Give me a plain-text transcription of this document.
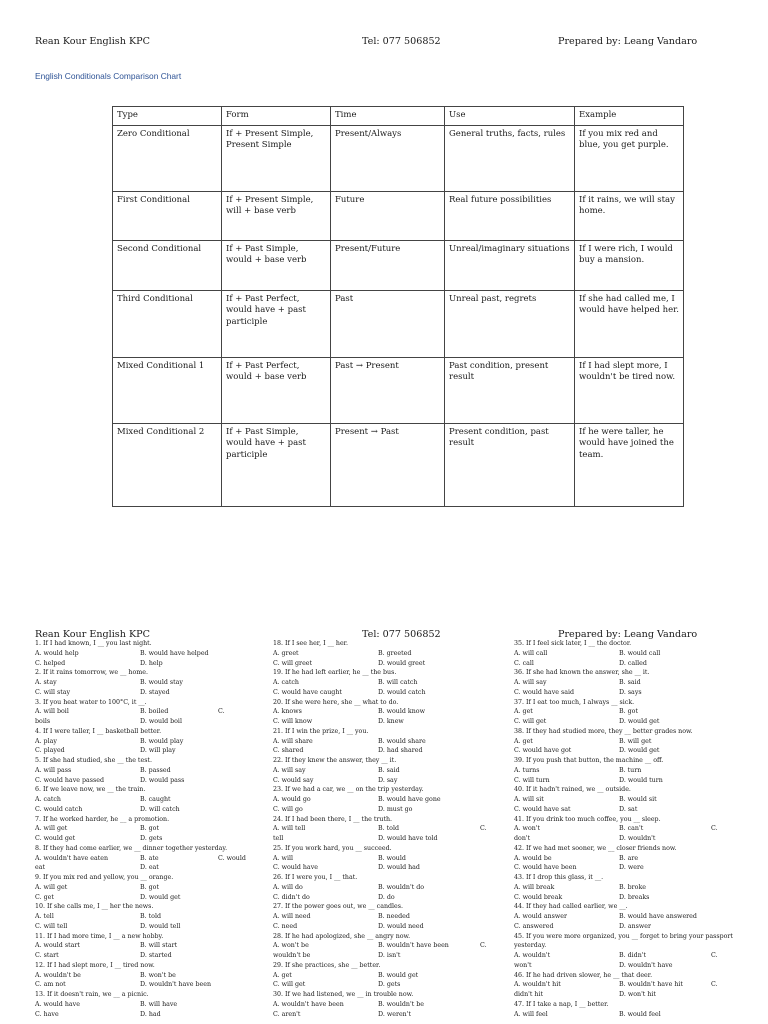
Rean Kour English KPC	Tel: 077 506852	Prepared by: Leang Vandaro
English Conditionals Comparison Chart
Type	Form	Time	Use	Example
Zero Conditional	If + Present Simple, Present Simple	Present/Always	General truths, facts, rules	If you mix red and blue, you get purple.
First Conditional	If + Present Simple, will + base verb	Future	Real future possibilities	If it rains, we will stay home.
Second Conditional	If + Past Simple, would + base verb	Present/Future	Unreal/imaginary situations	If I were rich, I would buy a mansion.
Third Conditional	If + Past Perfect, would have + past participle	Past	Unreal past, regrets	If she had called me, I would have helped her.
Mixed Conditional 1	If + Past Perfect, would + base verb	Past → Present	Past condition, present result	If I had slept more, I wouldn't be tired now.
Mixed Conditional 2	If + Past Simple, would have + past participle	Present → Past	Present condition, past result	If he were taller, he would have joined the team.
Rean Kour English KPC	Tel: 077 506852	Prepared by: Leang Vandaro
1. If I had known, I __ you last night.
A. would help	B. would have helped
C. helped	D. help
2. If it rains tomorrow, we __ home.
A. stay	B. would stay
C. will stay	D. stayed
3. If you heat water to 100°C, it __.
A. will boil	B. boiled	C.
boils	D. would boil
4. If I were taller, I __ basketball better.
A. play	B. would play
C. played	D. will play
5. If she had studied, she __ the test.
A. will pass	B. passed
C. would have passed	D. would pass
6. If we leave now, we __ the train.
A. catch	B. caught
C. would catch	D. will catch
7. If he worked harder, he __ a promotion.
A. will get	B. got
C. would get	D. gets
8. If they had come earlier, we __ dinner together yesterday.
A. wouldn't have eaten	B. ate	C. would
eat	D. eat
9. If you mix red and yellow, you __ orange.
A. will get	B. got
C. get	D. would get
10. If she calls me, I __ her the news.
A. tell	B. told
C. will tell	D. would tell
11. If I had more time, I __ a new hobby.
A. would start	B. will start
C. start	D. started
12. If I had slept more, I __ tired now.
A. wouldn't be	B. won't be
C. am not	D. wouldn't have been
13. If it doesn't rain, we __ a picnic.
A. would have	B. will have
C. have	D. had
18. If I see her, I __ her.
A. greet	B. greeted
C. will greet	D. would greet
19. If he had left earlier, he __ the bus.
A. catch	B. will catch
C. would have caught	D. would catch
20. If she were here, she __ what to do.
A. knows	B. would know
C. will know	D. knew
21. If I win the prize, I __ you.
A. will share	B. would share
C. shared	D. had shared
22. If they knew the answer, they __ it.
A. will say	B. said
C. would say	D. say
23. If we had a car, we __ on the trip yesterday.
A. would go	B. would have gone
C. will go	D. must go
24. If I had been there, I __ the truth.
A. will tell	B. told	C.
tell	D. would have told
25. If you work hard, you __ succeed.
A. will	B. would
C. would have	D. would had
26. If I were you, I __ that.
A. will do	B. wouldn't do
C. didn't do	D. do
27. If the power goes out, we __ candles.
A. will need	B. needed
C. need	D. would need
28. If he had apologized, she __ angry now.
A. won't be	B. wouldn't have been	C.
wouldn't be	D. isn't
29. If she practices, she __ better.
A. get	B. would get
C. will get	D. gets
30. If we had listened, we __ in trouble now.
A. wouldn't have been	B. wouldn't be
C. aren't	D. weren't
35. If I feel sick later, I __ the doctor.
A. will call	B. would call
C. call	D. called
36. If she had known the answer, she __ it.
A. will say	B. said
C. would have said	D. says
37. If I eat too much, I always __ sick.
A. get	B. got
C. will get	D. would get
38. If they had studied more, they __ better grades now.
A. get	B. will get
C. would have got	D. would get
39. If you push that button, the machine __ off.
A. turns	B. turn
C. will turn	D. would turn
40. If it hadn't rained, we __ outside.
A. will sit	B. would sit
C. would have sat	D. sat
41. If you drink too much coffee, you __ sleep.
A. won't	B. can't	C.
don't	D. wouldn't
42. If we had met sooner, we __ closer friends now.
A. would be	B. are
C. would have been	D. were
43. If I drop this glass, it __.
A. will break	B. broke
C. would break	D. breaks
44. If they had called earlier, we __.
A. would answer	B. would have answered
C. answered	D. answer
45. If you were more organized, you __ forget to bring your passport
yesterday.
A. wouldn't	B. didn't	C.
won't	D. wouldn't have
46. If he had driven slower, he __ that deer.
A. wouldn't hit	B. wouldn't have hit	C.
didn't hit	D. won't hit
47. If I take a nap, I __ better.
A. will feel	B. would feel
